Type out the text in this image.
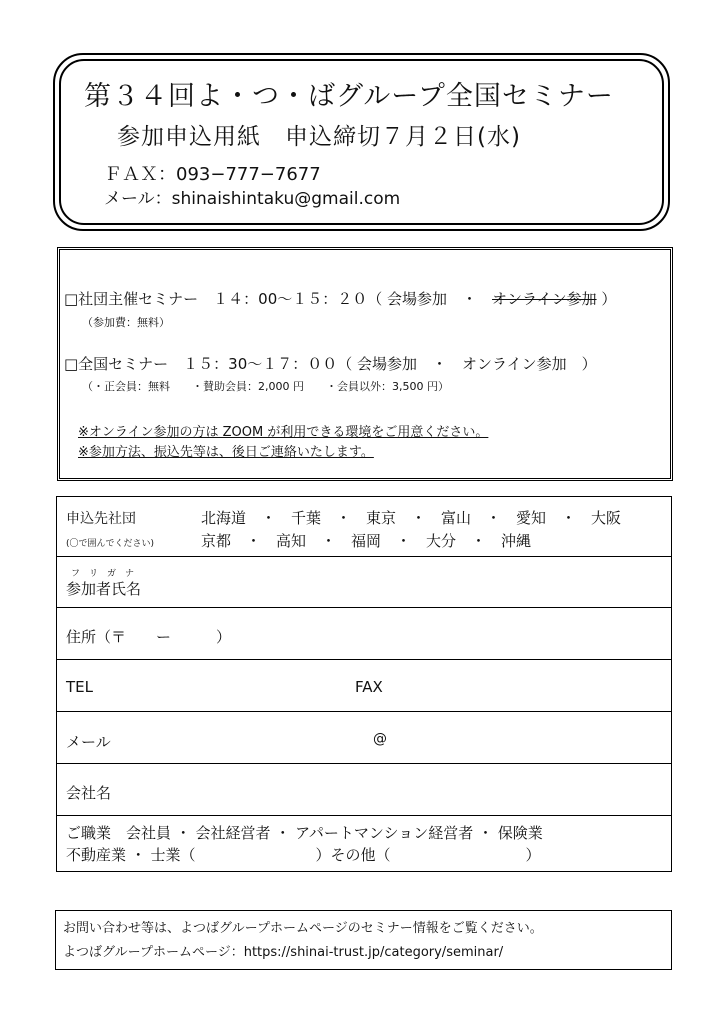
第３４回よ・つ・ばグループ全国セミナー
参加申込用紙　申込締切７月２日(水)
ＦＡＸ：093−777−7677
メール：shinaishintaku@gmail.com
□社団主催セミナー　１４：00〜１５：２０（ 会場参加　・　オンライン参加 ）
（参加費：無料）
□全国セミナー　１５：30〜１７：００（ 会場参加　・　オンライン参加　）
（・正会員：無料　　・賛助会員：2,000 円　　・会員以外：3,500 円）
※オンライン参加の方は ZOOM が利用できる環境をご用意ください。
※参加方法、振込先等は、後日ご連絡いたします。
申込先社団
(〇で囲んでください)
北海道　・　千葉　・　東京　・　富山　・　愛知　・　大阪
京都　・　高知　・　福岡　・　大分　・　沖縄
フ　リ　ガ　ナ
参加者氏名
住所（〒　　ー　　　）
TEL	FAX
メール	@
会社名
ご職業　会社員 ・ 会社経営者 ・ アパートマンション経営者 ・ 保険業
不動産業 ・ 士業（　　　　　　　　）その他（　　　　　　　　　）
お問い合わせ等は、よつばグループホームページのセミナー情報をご覧ください。
よつばグループホームページ：https://shinai-trust.jp/category/seminar/
